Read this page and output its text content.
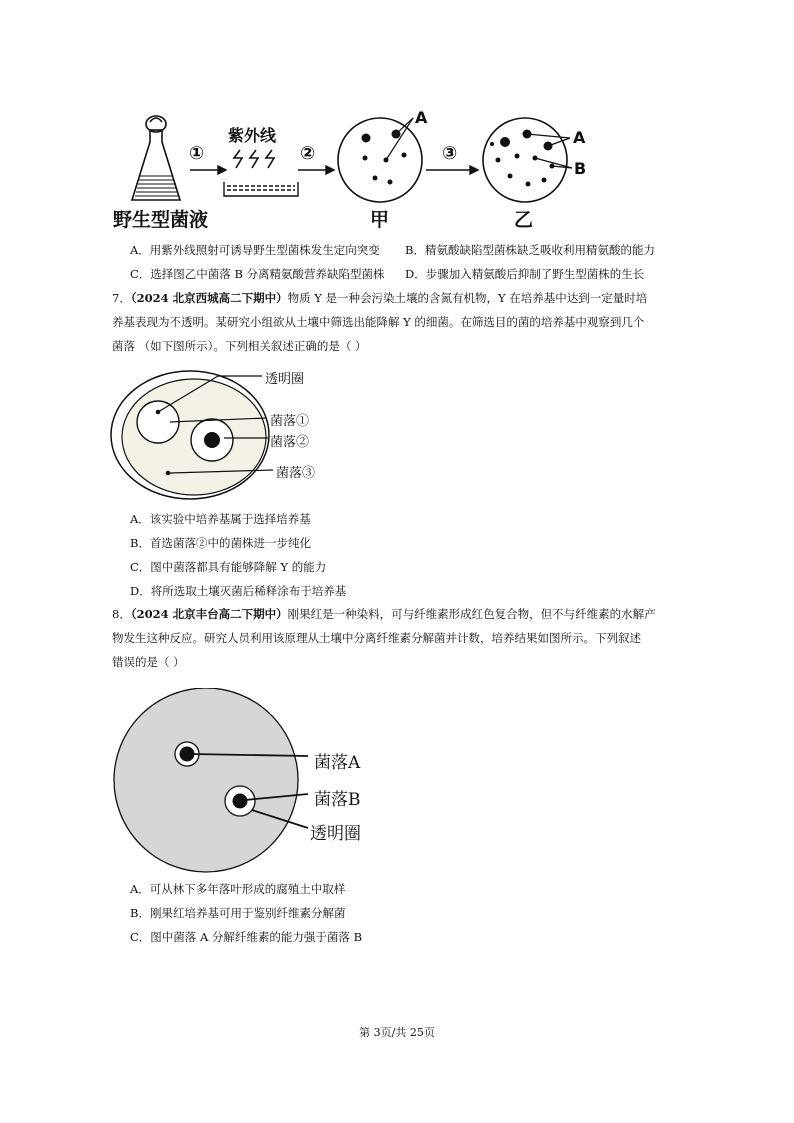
紫外线
①	②	③
野生型菌液	甲	乙
A
A
B
A．用紫外线照射可诱导野生型菌株发生定向突变 B．精氨酸缺陷型菌株缺乏吸收利用精氨酸的能力
C．选择图乙中菌落 B 分离精氨酸营养缺陷型菌株 D．步骤加入精氨酸后抑制了野生型菌株的生长
7．（2024 北京西城高二下期中）物质 Y 是一种会污染土壤的含氮有机物，Y 在培养基中达到一定量时培
养基表现为不透明。某研究小组欲从土壤中筛选出能降解 Y 的细菌。在筛选目的菌的培养基中观察到几个
菌落 （如下图所示）。下列相关叙述正确的是（ ）
透明圈
菌落①
菌落②
菌落③
A．该实验中培养基属于选择培养基
B．首选菌落②中的菌株进一步纯化
C．图中菌落都具有能够降解 Y 的能力
D．将所选取土壤灭菌后稀释涂布于培养基
8．（2024 北京丰台高二下期中）刚果红是一种染料，可与纤维素形成红色复合物，但不与纤维素的水解产
物发生这种反应。研究人员利用该原理从土壤中分离纤维素分解菌并计数，培养结果如图所示。下列叙述
错误的是（ ）
菌落A
菌落B
透明圈
A．可从林下多年落叶形成的腐殖土中取样
B．刚果红培养基可用于鉴别纤维素分解菌
C．图中菌落 A 分解纤维素的能力强于菌落 B
第 3页/共 25页
